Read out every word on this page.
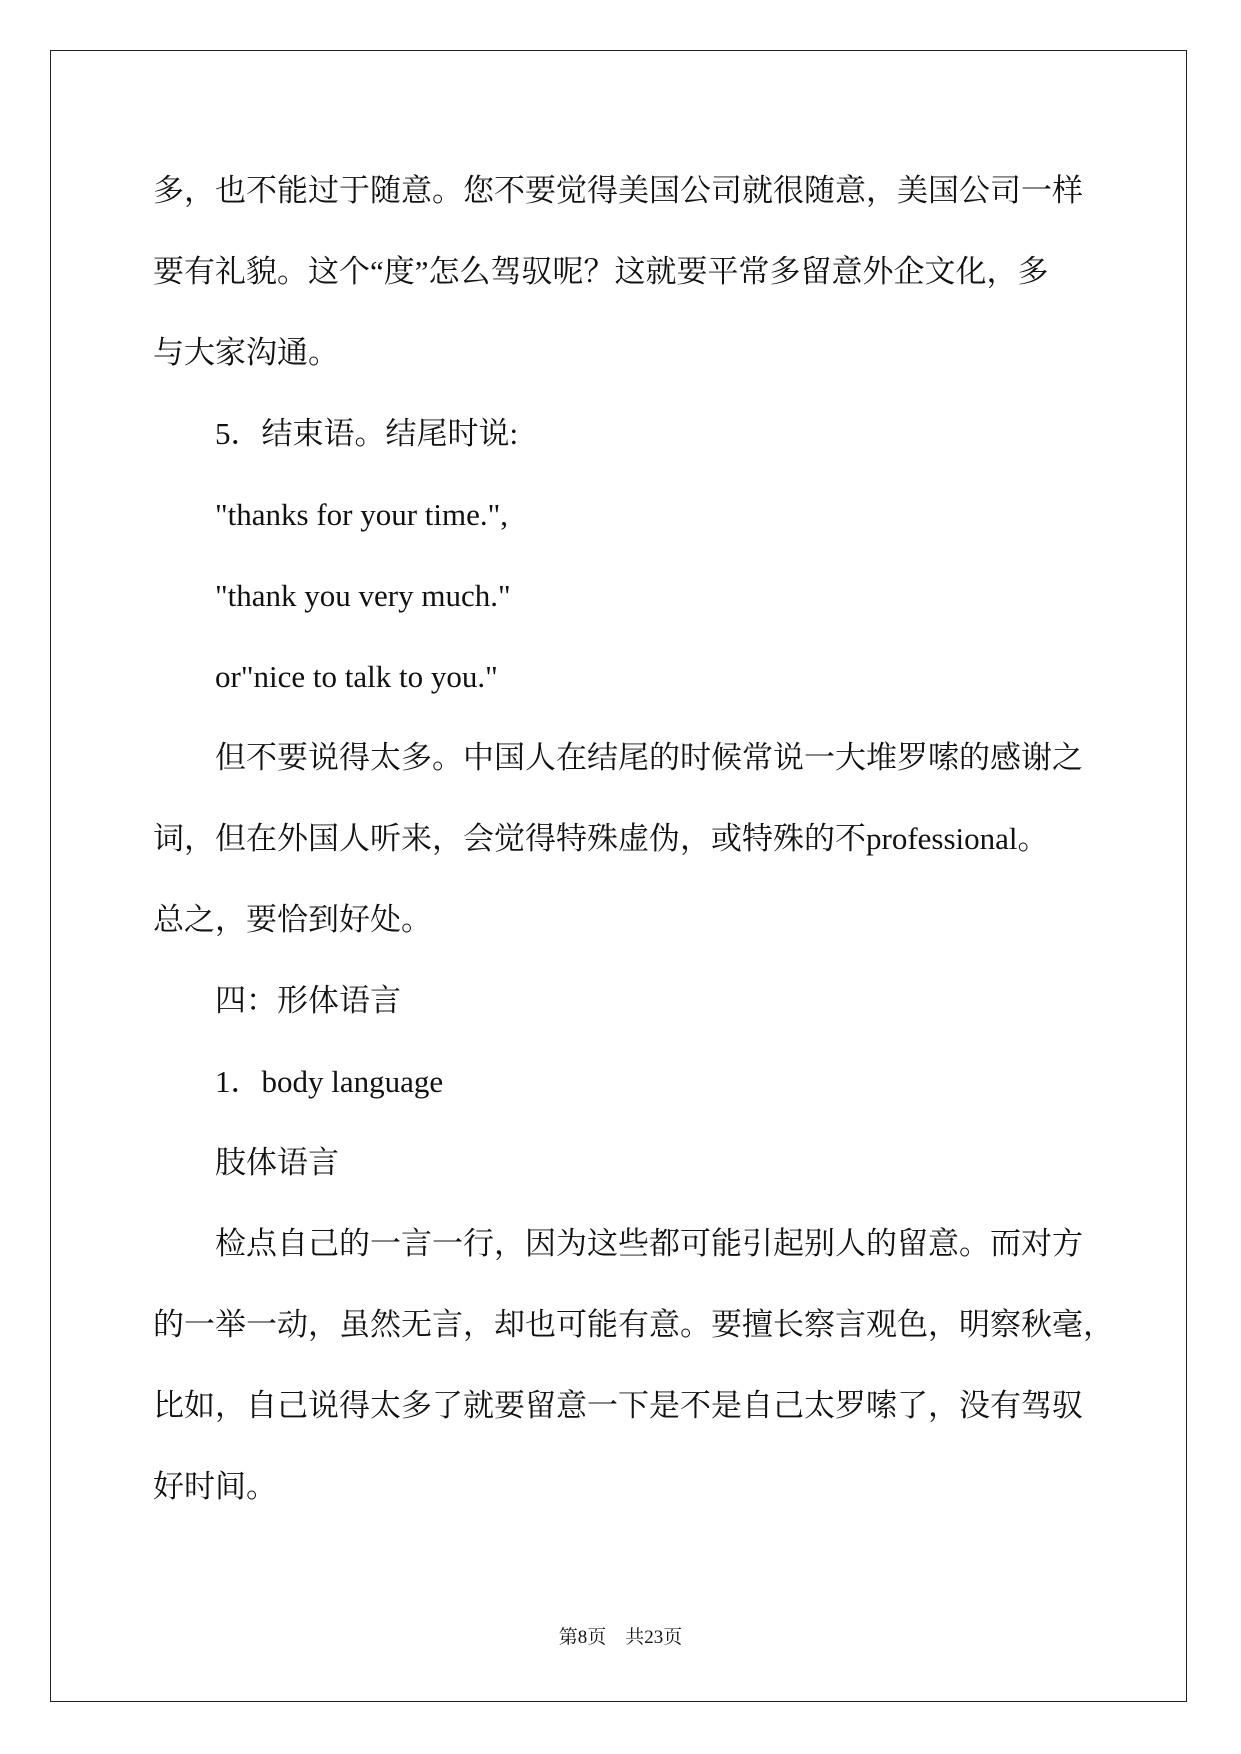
多，也不能过于随意。您不要觉得美国公司就很随意，美国公司一样
要有礼貌。这个“度”怎么驾驭呢？这就要平常多留意外企文化，多
与大家沟通。
5．结束语。结尾时说:
"thanks for your time.",
"thank you very much."
or"nice to talk to you."
但不要说得太多。中国人在结尾的时候常说一大堆罗嗦的感谢之
词，但在外国人听来，会觉得特殊虚伪，或特殊的不professional。
总之，要恰到好处。
四：形体语言
1．body language
肢体语言
检点自己的一言一行，因为这些都可能引起别人的留意。而对方
的一举一动，虽然无言，却也可能有意。要擅长察言观色，明察秋毫，
比如，自己说得太多了就要留意一下是不是自己太罗嗦了，没有驾驭
好时间。
第8页　共23页
